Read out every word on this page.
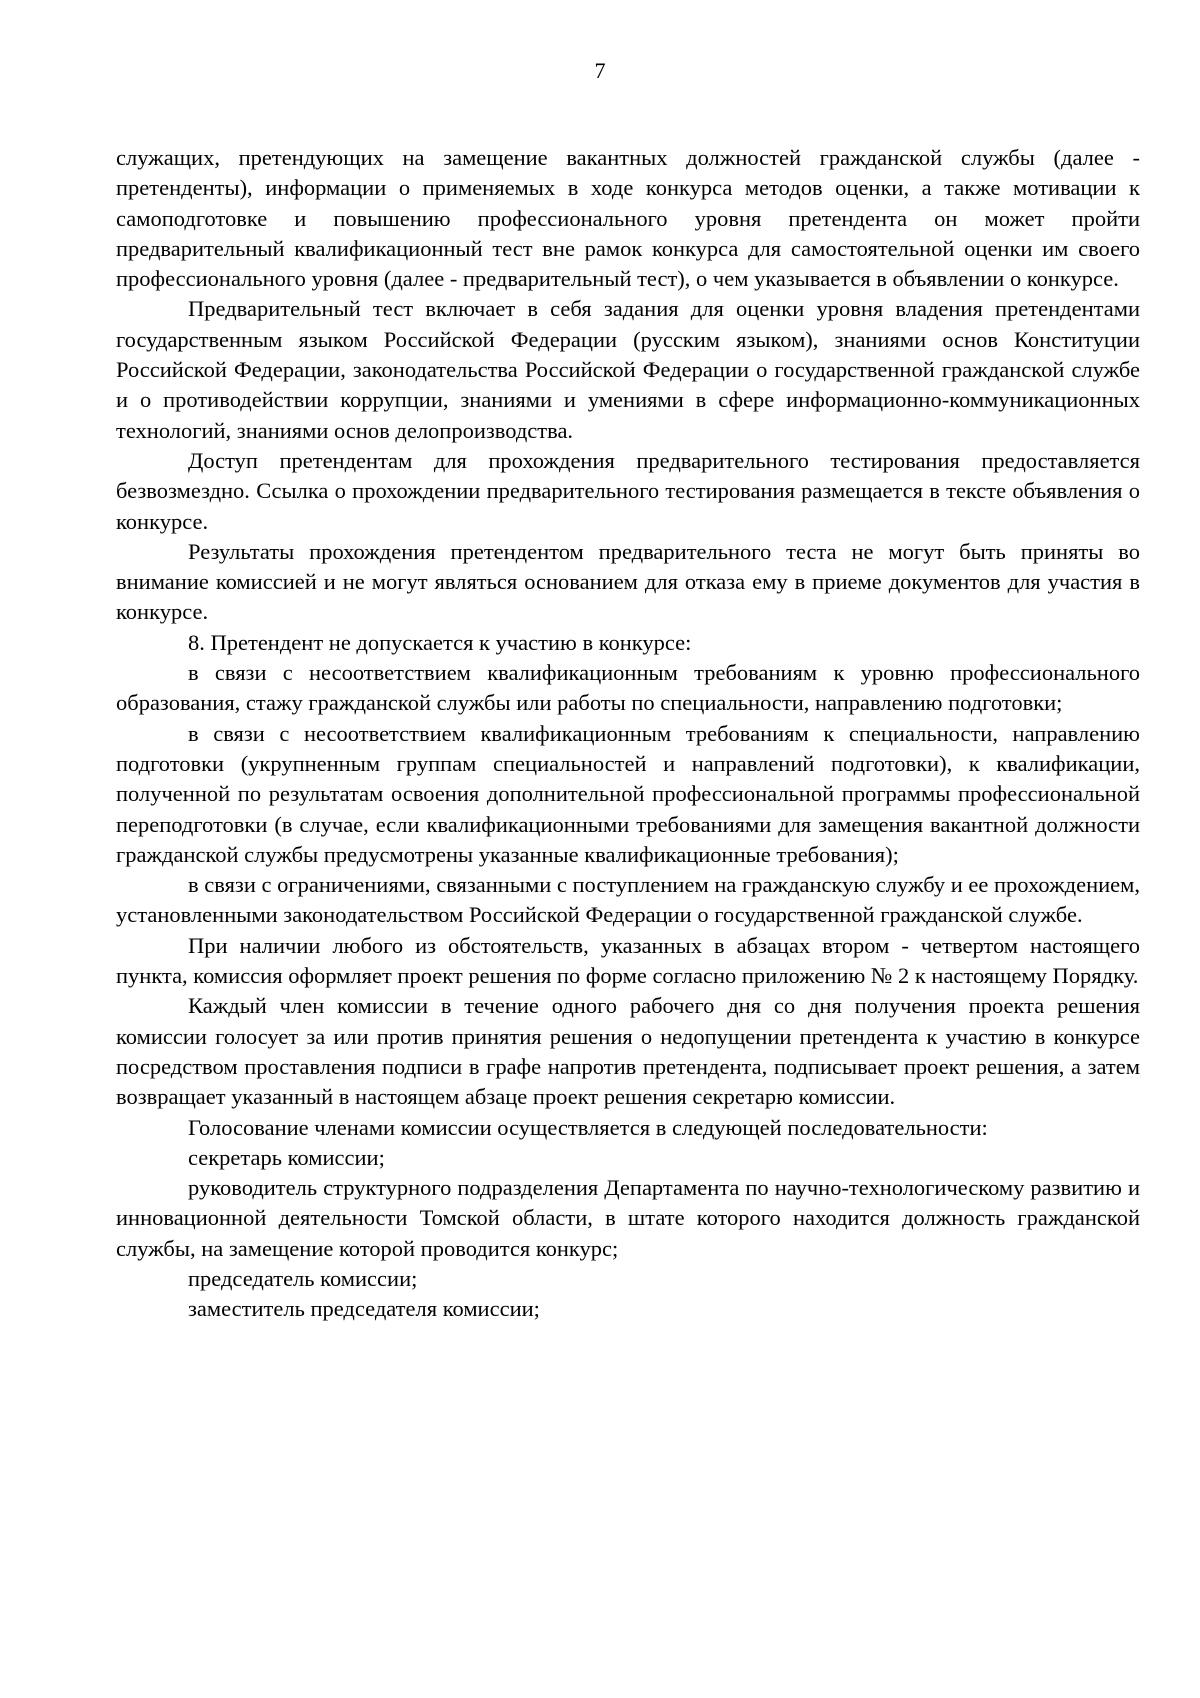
7

служащих, претендующих на замещение вакантных должностей гражданской службы (далее - претенденты), информации о применяемых в ходе конкурса методов оценки, а также мотивации к самоподготовке и повышению профессионального уровня претендента он может пройти предварительный квалификационный тест вне рамок конкурса для самостоятельной оценки им своего профессионального уровня (далее - предварительный тест), о чем указывается в объявлении о конкурсе.

Предварительный тест включает в себя задания для оценки уровня владения претендентами государственным языком Российской Федерации (русским языком), знаниями основ Конституции Российской Федерации, законодательства Российской Федерации о государственной гражданской службе и о противодействии коррупции, знаниями и умениями в сфере информационно-коммуникационных технологий, знаниями основ делопроизводства.

Доступ претендентам для прохождения предварительного тестирования предоставляется безвозмездно. Ссылка о прохождении предварительного тестирования размещается в тексте объявления о конкурсе.

Результаты прохождения претендентом предварительного теста не могут быть приняты во внимание комиссией и не могут являться основанием для отказа ему в приеме документов для участия в конкурсе.

8. Претендент не допускается к участию в конкурсе:

в связи с несоответствием квалификационным требованиям к уровню профессионального образования, стажу гражданской службы или работы по специальности, направлению подготовки;

в связи с несоответствием квалификационным требованиям к специальности, направлению подготовки (укрупненным группам специальностей и направлений подготовки), к квалификации, полученной по результатам освоения дополнительной профессиональной программы профессиональной переподготовки (в случае, если квалификационными требованиями для замещения вакантной должности гражданской службы предусмотрены указанные квалификационные требования);

в связи с ограничениями, связанными с поступлением на гражданскую службу и ее прохождением, установленными законодательством Российской Федерации о государственной гражданской службе.

При наличии любого из обстоятельств, указанных в абзацах втором - четвертом настоящего пункта, комиссия оформляет проект решения по форме согласно приложению № 2 к настоящему Порядку.

Каждый член комиссии в течение одного рабочего дня со дня получения проекта решения комиссии голосует за или против принятия решения о недопущении претендента к участию в конкурсе посредством проставления подписи в графе напротив претендента, подписывает проект решения, а затем возвращает указанный в настоящем абзаце проект решения секретарю комиссии.

Голосование членами комиссии осуществляется в следующей последовательности:

секретарь комиссии;

руководитель структурного подразделения Департамента по научно-технологическому развитию и инновационной деятельности Томской области, в штате которого находится должность гражданской службы, на замещение которой проводится конкурс;

председатель комиссии;

заместитель председателя комиссии;
